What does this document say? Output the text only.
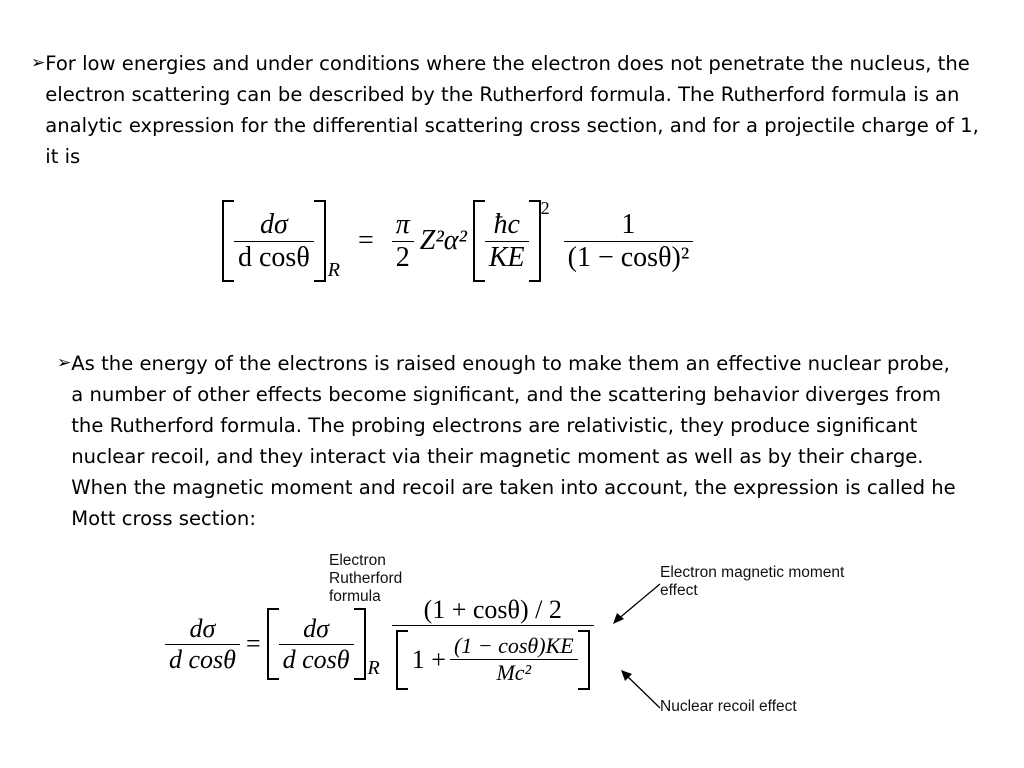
➢ For low energies and under conditions where the electron does not penetrate the nucleus, the electron scattering can be described by the Rutherford formula. The Rutherford formula is an analytic expression for the differential scattering cross section, and for a projectile charge of 1, it is
$\frac{d\sigma}{\text{d cosθ}}$ R
= $\frac{\pi}{2} Z^2\alpha^2 \frac{ħc}{KE}$
2
$\frac{1}{\text{(1 − cosθ)²}}$
➢ As the energy of the electrons is raised enough to make them an effective nuclear probe, a number of other effects become significant, and the scattering behavior diverges from the Rutherford formula. The probing electrons are relativistic, they produce significant nuclear recoil, and they interact via their magnetic moment as well as by their charge. When the magnetic moment and recoil are taken into account, the expression is called he Mott cross section:
Electron Rutherford formula
Electron magnetic moment effect
Nuclear recoil effect
$\frac{d\sigma}{\text{d cosθ}} = \frac{d\sigma}{\text{d cosθ}}$ R $\frac{(1 + \cos\theta) / 2}{1 + \frac{(1 - \cos\theta)KE}{\text{Mc²}}}$
